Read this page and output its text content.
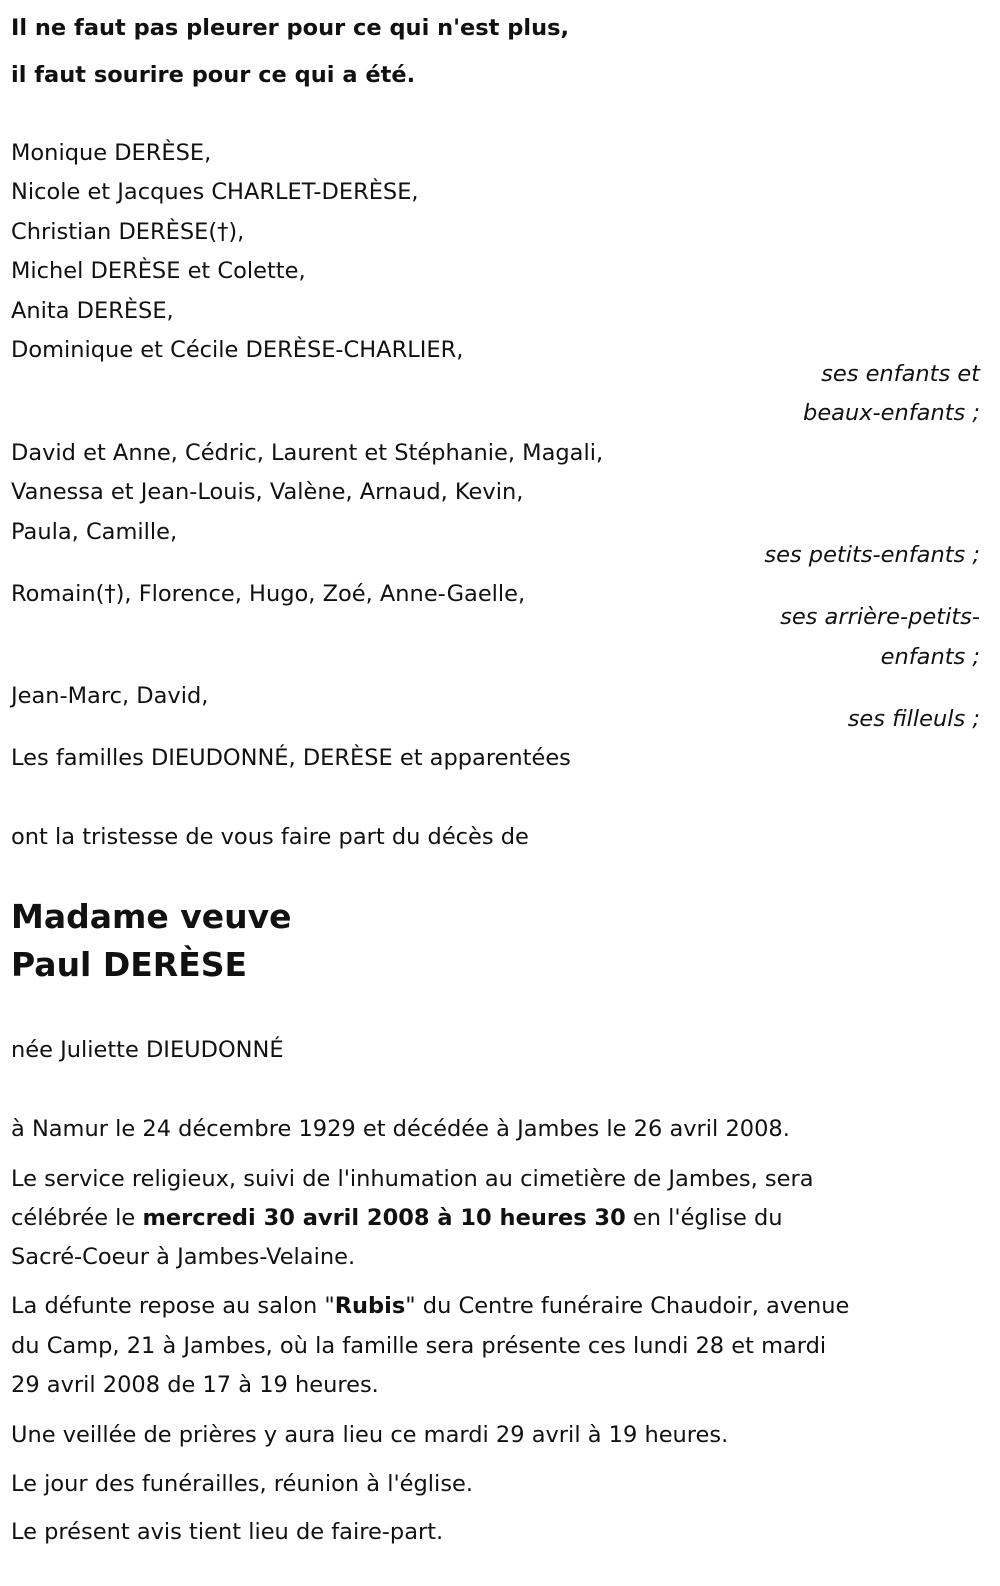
Il ne faut pas pleurer pour ce qui n'est plus,
il faut sourire pour ce qui a été.
Monique DERÈSE,
Nicole et Jacques CHARLET-DERÈSE,
Christian DERÈSE(†),
Michel DERÈSE et Colette,
Anita DERÈSE,
Dominique et Cécile DERÈSE-CHARLIER,
ses enfants et
beaux-enfants ;
David et Anne, Cédric, Laurent et Stéphanie, Magali,
Vanessa et Jean-Louis, Valène, Arnaud, Kevin,
Paula, Camille,
ses petits-enfants ;
Romain(†), Florence, Hugo, Zoé, Anne-Gaelle,
ses arrière-petits-
enfants ;
Jean-Marc, David,
ses filleuls ;
Les familles DIEUDONNÉ, DERÈSE et apparentées
ont la tristesse de vous faire part du décès de
Madame veuve
Paul DERÈSE
née Juliette DIEUDONNÉ
à Namur le 24 décembre 1929 et décédée à Jambes le 26 avril 2008.
Le service religieux, suivi de l'inhumation au cimetière de Jambes, sera
célébrée le mercredi 30 avril 2008 à 10 heures 30 en l'église du
Sacré-Coeur à Jambes-Velaine.
La défunte repose au salon "Rubis" du Centre funéraire Chaudoir, avenue
du Camp, 21 à Jambes, où la famille sera présente ces lundi 28 et mardi
29 avril 2008 de 17 à 19 heures.
Une veillée de prières y aura lieu ce mardi 29 avril à 19 heures.
Le jour des funérailles, réunion à l'église.
Le présent avis tient lieu de faire-part.
